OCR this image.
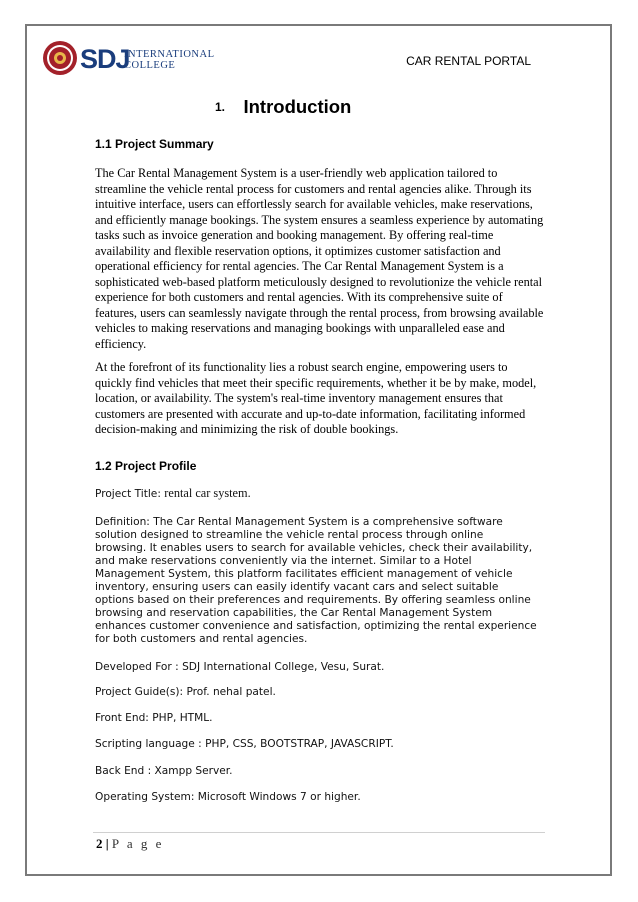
SDJ
INTERNATIONAL
COLLEGE	CAR RENTAL PORTAL
1. Introduction
1.1 Project Summary

The Car Rental Management System is a user-friendly web application tailored to streamline the vehicle rental process for customers and rental agencies alike. Through its intuitive interface, users can effortlessly search for available vehicles, make reservations, and efficiently manage bookings. The system ensures a seamless experience by automating tasks such as invoice generation and booking management. By offering real-time availability and flexible reservation options, it optimizes customer satisfaction and operational efficiency for rental agencies. The Car Rental Management System is a sophisticated web-based platform meticulously designed to revolutionize the vehicle rental experience for both customers and rental agencies. With its comprehensive suite of features, users can seamlessly navigate through the rental process, from browsing available vehicles to making reservations and managing bookings with unparalleled ease and efficiency.

At the forefront of its functionality lies a robust search engine, empowering users to quickly find vehicles that meet their specific requirements, whether it be by make, model, location, or availability. The system's real-time inventory management ensures that customers are presented with accurate and up-to-date information, facilitating informed decision-making and minimizing the risk of double bookings.

1.2 Project Profile
Project Title: rental car system.
Definition: The Car Rental Management System is a comprehensive software
solution designed to streamline the vehicle rental process through online
browsing. It enables users to search for available vehicles, check their availability,
and make reservations conveniently via the internet. Similar to a Hotel
Management System, this platform facilitates efficient management of vehicle
inventory, ensuring users can easily identify vacant cars and select suitable
options based on their preferences and requirements. By offering seamless online
browsing and reservation capabilities, the Car Rental Management System
enhances customer convenience and satisfaction, optimizing the rental experience
for both customers and rental agencies.
Developed For : SDJ International College, Vesu, Surat.
Project Guide(s): Prof. nehal patel.
Front End: PHP, HTML.
Scripting language : PHP, CSS, BOOTSTRAP, JAVASCRIPT.
Back End : Xampp Server.
Operating System: Microsoft Windows 7 or higher.
2 | P a g e
